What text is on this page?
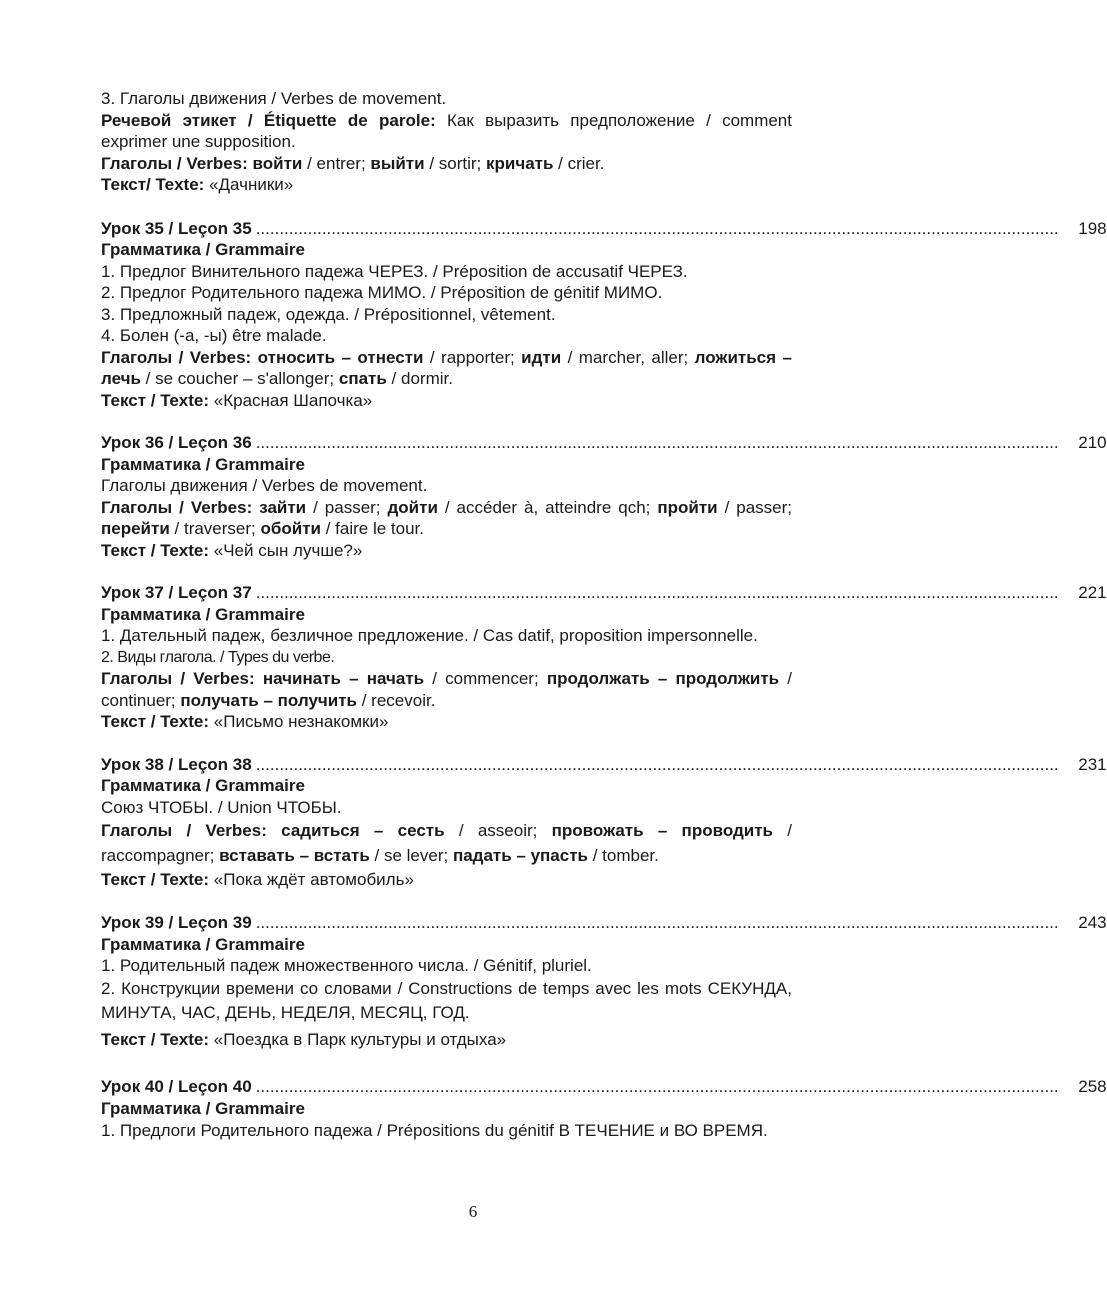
3. Глаголы движения / Verbes de movement.

Речевой этикет / Étiquette de parole: Как выразить предположение / comment exprimer une supposition.

Глаголы / Verbes: войти / entrer; выйти / sortir; кричать / crier.

Текст/ Texte: «Дачники»

Урок 35 / Leçon 35 ..........................................................................................................................................................................	198

Грамматика / Grammaire

1. Предлог Винительного падежа ЧЕРЕЗ. / Préposition de accusatif ЧЕРЕЗ.

2. Предлог Родительного падежа МИМО. / Préposition de génitif МИМО.

3. Предложный падеж, одежда. / Prépositionnel, vêtement.

4. Болен (-а, -ы) être malade.

Глаголы / Verbes: относить – отнести / rapporter; идти / marcher, aller; ложиться – лечь / se coucher – s'allonger; спать / dormir.

Текст / Texte: «Красная Шапочка»

Урок 36 / Leçon 36 ..........................................................................................................................................................................	210

Грамматика / Grammaire

Глаголы движения / Verbes de movement.

Глаголы / Verbes: зайти / passer; дойти / accéder à, atteindre qch; пройти / passer; перейти / traverser; обойти / faire le tour.

Текст / Texte: «Чей сын лучше?»

Урок 37 / Leçon 37 ..........................................................................................................................................................................	221

Грамматика / Grammaire

1. Дательный падеж, безличное предложение. / Cas datif, proposition impersonnelle.

2. Виды глагола. / Types du verbe.

Глаголы / Verbes: начинать – начать / commencer; продолжать – продолжить / continuer; получать – получить / recevoir.

Текст / Texte: «Письмо незнакомки»

Урок 38 / Leçon 38 ..........................................................................................................................................................................	231

Грамматика / Grammaire

Союз ЧТОБЫ. / Union ЧТОБЫ.

Глаголы / Verbes: садиться – сесть / asseoir; провожать – проводить / raccompagner; вставать – встать / se lever; падать – упасть / tomber.

Текст / Texte: «Пока ждёт автомобиль»

Урок 39 / Leçon 39 ..........................................................................................................................................................................	243

Грамматика / Grammaire

1. Родительный падеж множественного числа. / Génitif, pluriel.

2. Конструкции времени со словами / Constructions de temps avec les mots СЕКУНДА, МИНУТА, ЧАС, ДЕНЬ, НЕДЕЛЯ, МЕСЯЦ, ГОД.

Текст / Texte: «Поездка в Парк культуры и отдыха»

Урок 40 / Leçon 40 ..........................................................................................................................................................................	258

Грамматика / Grammaire

1. Предлоги Родительного падежа / Prépositions du génitif В ТЕЧЕНИЕ и ВО ВРЕМЯ.

6
